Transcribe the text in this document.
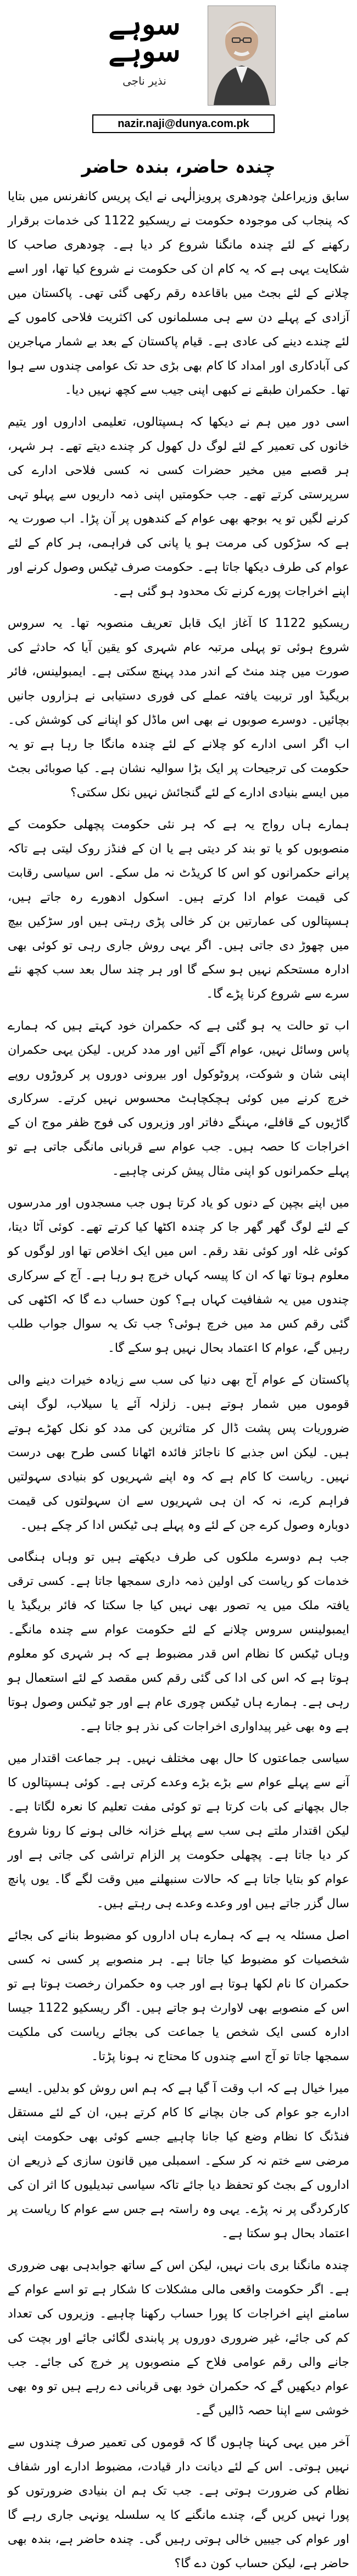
سوہے
سوہے
نذیر ناجی
nazir.naji@dunya.com.pk
چندہ حاضر، بندہ حاضر

سابق وزیراعلیٰ چودھری پرویزالٰہی نے ایک پریس کانفرنس میں بتایا کہ پنجاب کی موجودہ حکومت نے ریسکیو 1122 کی خدمات برقرار رکھنے کے لئے چندہ مانگنا شروع کر دیا ہے۔ چودھری صاحب کا شکایت یہی ہے کہ یہ کام ان کی حکومت نے شروع کیا تھا، اور اسے چلانے کے لئے بجٹ میں باقاعدہ رقم رکھی گئی تھی۔ پاکستان میں آزادی کے پہلے دن سے ہی مسلمانوں کی اکثریت فلاحی کاموں کے لئے چندے دینے کی عادی ہے۔ قیام پاکستان کے بعد بے شمار مہاجرین کی آبادکاری اور امداد کا کام بھی بڑی حد تک عوامی چندوں سے ہوا تھا۔ حکمران طبقے نے کبھی اپنی جیب سے کچھ نہیں دیا۔

اسی دور میں ہم نے دیکھا کہ ہسپتالوں، تعلیمی اداروں اور یتیم خانوں کی تعمیر کے لئے لوگ دل کھول کر چندے دیتے تھے۔ ہر شہر، ہر قصبے میں مخیر حضرات کسی نہ کسی فلاحی ادارے کی سرپرستی کرتے تھے۔ جب حکومتیں اپنی ذمہ داریوں سے پہلو تہی کرنے لگیں تو یہ بوجھ بھی عوام کے کندھوں پر آن پڑا۔ اب صورت یہ ہے کہ سڑکوں کی مرمت ہو یا پانی کی فراہمی، ہر کام کے لئے عوام کی طرف دیکھا جاتا ہے۔ حکومت صرف ٹیکس وصول کرنے اور اپنے اخراجات پورے کرنے تک محدود ہو گئی ہے۔

ریسکیو 1122 کا آغاز ایک قابل تعریف منصوبہ تھا۔ یہ سروس شروع ہوئی تو پہلی مرتبہ عام شہری کو یقین آیا کہ حادثے کی صورت میں چند منٹ کے اندر مدد پہنچ سکتی ہے۔ ایمبولینس، فائر بریگیڈ اور تربیت یافتہ عملے کی فوری دستیابی نے ہزاروں جانیں بچائیں۔ دوسرے صوبوں نے بھی اس ماڈل کو اپنانے کی کوشش کی۔ اب اگر اسی ادارے کو چلانے کے لئے چندہ مانگا جا رہا ہے تو یہ حکومت کی ترجیحات پر ایک بڑا سوالیہ نشان ہے۔ کیا صوبائی بجٹ میں ایسے بنیادی ادارے کے لئے گنجائش نہیں نکل سکتی؟

ہمارے ہاں رواج یہ ہے کہ ہر نئی حکومت پچھلی حکومت کے منصوبوں کو یا تو بند کر دیتی ہے یا ان کے فنڈز روک لیتی ہے تاکہ پرانے حکمرانوں کو اس کا کریڈٹ نہ مل سکے۔ اس سیاسی رقابت کی قیمت عوام ادا کرتے ہیں۔ اسکول ادھورے رہ جاتے ہیں، ہسپتالوں کی عمارتیں بن کر خالی پڑی رہتی ہیں اور سڑکیں بیچ میں چھوڑ دی جاتی ہیں۔ اگر یہی روش جاری رہی تو کوئی بھی ادارہ مستحکم نہیں ہو سکے گا اور ہر چند سال بعد سب کچھ نئے سرے سے شروع کرنا پڑے گا۔

اب تو حالت یہ ہو گئی ہے کہ حکمران خود کہتے ہیں کہ ہمارے پاس وسائل نہیں، عوام آگے آئیں اور مدد کریں۔ لیکن یہی حکمران اپنی شان و شوکت، پروٹوکول اور بیرونی دوروں پر کروڑوں روپے خرچ کرنے میں کوئی ہچکچاہٹ محسوس نہیں کرتے۔ سرکاری گاڑیوں کے قافلے، مہنگے دفاتر اور وزیروں کی فوج ظفر موج ان کے اخراجات کا حصہ ہیں۔ جب عوام سے قربانی مانگی جاتی ہے تو پہلے حکمرانوں کو اپنی مثال پیش کرنی چاہیے۔

میں اپنے بچپن کے دنوں کو یاد کرتا ہوں جب مسجدوں اور مدرسوں کے لئے لوگ گھر گھر جا کر چندہ اکٹھا کیا کرتے تھے۔ کوئی آٹا دیتا، کوئی غلہ اور کوئی نقد رقم۔ اس میں ایک اخلاص تھا اور لوگوں کو معلوم ہوتا تھا کہ ان کا پیسہ کہاں خرچ ہو رہا ہے۔ آج کے سرکاری چندوں میں یہ شفافیت کہاں ہے؟ کون حساب دے گا کہ اکٹھی کی گئی رقم کس مد میں خرچ ہوئی؟ جب تک یہ سوال جواب طلب رہیں گے، عوام کا اعتماد بحال نہیں ہو سکے گا۔

پاکستان کے عوام آج بھی دنیا کی سب سے زیادہ خیرات دینے والی قوموں میں شمار ہوتے ہیں۔ زلزلہ آئے یا سیلاب، لوگ اپنی ضروریات پس پشت ڈال کر متاثرین کی مدد کو نکل کھڑے ہوتے ہیں۔ لیکن اس جذبے کا ناجائز فائدہ اٹھانا کسی طرح بھی درست نہیں۔ ریاست کا کام ہے کہ وہ اپنے شہریوں کو بنیادی سہولتیں فراہم کرے، نہ کہ ان ہی شہریوں سے ان سہولتوں کی قیمت دوبارہ وصول کرے جن کے لئے وہ پہلے ہی ٹیکس ادا کر چکے ہیں۔

جب ہم دوسرے ملکوں کی طرف دیکھتے ہیں تو وہاں ہنگامی خدمات کو ریاست کی اولین ذمہ داری سمجھا جاتا ہے۔ کسی ترقی یافتہ ملک میں یہ تصور بھی نہیں کیا جا سکتا کہ فائر بریگیڈ یا ایمبولینس سروس چلانے کے لئے حکومت عوام سے چندہ مانگے۔ وہاں ٹیکس کا نظام اس قدر مضبوط ہے کہ ہر شہری کو معلوم ہوتا ہے کہ اس کی ادا کی گئی رقم کس مقصد کے لئے استعمال ہو رہی ہے۔ ہمارے ہاں ٹیکس چوری عام ہے اور جو ٹیکس وصول ہوتا ہے وہ بھی غیر پیداواری اخراجات کی نذر ہو جاتا ہے۔

سیاسی جماعتوں کا حال بھی مختلف نہیں۔ ہر جماعت اقتدار میں آنے سے پہلے عوام سے بڑے بڑے وعدے کرتی ہے۔ کوئی ہسپتالوں کا جال بچھانے کی بات کرتا ہے تو کوئی مفت تعلیم کا نعرہ لگاتا ہے۔ لیکن اقتدار ملتے ہی سب سے پہلے خزانہ خالی ہونے کا رونا شروع کر دیا جاتا ہے۔ پچھلی حکومت پر الزام تراشی کی جاتی ہے اور عوام کو بتایا جاتا ہے کہ حالات سنبھلنے میں وقت لگے گا۔ یوں پانچ سال گزر جاتے ہیں اور وعدے وعدے ہی رہتے ہیں۔

اصل مسئلہ یہ ہے کہ ہمارے ہاں اداروں کو مضبوط بنانے کی بجائے شخصیات کو مضبوط کیا جاتا ہے۔ ہر منصوبے پر کسی نہ کسی حکمران کا نام لکھا ہوتا ہے اور جب وہ حکمران رخصت ہوتا ہے تو اس کے منصوبے بھی لاوارث ہو جاتے ہیں۔ اگر ریسکیو 1122 جیسا ادارہ کسی ایک شخص یا جماعت کی بجائے ریاست کی ملکیت سمجھا جاتا تو آج اسے چندوں کا محتاج نہ ہونا پڑتا۔

میرا خیال ہے کہ اب وقت آ گیا ہے کہ ہم اس روش کو بدلیں۔ ایسے ادارے جو عوام کی جان بچانے کا کام کرتے ہیں، ان کے لئے مستقل فنڈنگ کا نظام وضع کیا جانا چاہیے جسے کوئی بھی حکومت اپنی مرضی سے ختم نہ کر سکے۔ اسمبلی میں قانون سازی کے ذریعے ان اداروں کے بجٹ کو تحفظ دیا جائے تاکہ سیاسی تبدیلیوں کا اثر ان کی کارکردگی پر نہ پڑے۔ یہی وہ راستہ ہے جس سے عوام کا ریاست پر اعتماد بحال ہو سکتا ہے۔

چندہ مانگنا بری بات نہیں، لیکن اس کے ساتھ جوابدہی بھی ضروری ہے۔ اگر حکومت واقعی مالی مشکلات کا شکار ہے تو اسے عوام کے سامنے اپنے اخراجات کا پورا حساب رکھنا چاہیے۔ وزیروں کی تعداد کم کی جائے، غیر ضروری دوروں پر پابندی لگائی جائے اور بچت کی جانے والی رقم عوامی فلاح کے منصوبوں پر خرچ کی جائے۔ جب عوام دیکھیں گے کہ حکمران خود بھی قربانی دے رہے ہیں تو وہ بھی خوشی سے اپنا حصہ ڈالیں گے۔

آخر میں یہی کہنا چاہوں گا کہ قوموں کی تعمیر صرف چندوں سے نہیں ہوتی۔ اس کے لئے دیانت دار قیادت، مضبوط ادارے اور شفاف نظام کی ضرورت ہوتی ہے۔ جب تک ہم ان بنیادی ضرورتوں کو پورا نہیں کریں گے، چندے مانگنے کا یہ سلسلہ یونہی جاری رہے گا اور عوام کی جیبیں خالی ہوتی رہیں گی۔ چندہ حاضر ہے، بندہ بھی حاضر ہے، لیکن حساب کون دے گا؟
